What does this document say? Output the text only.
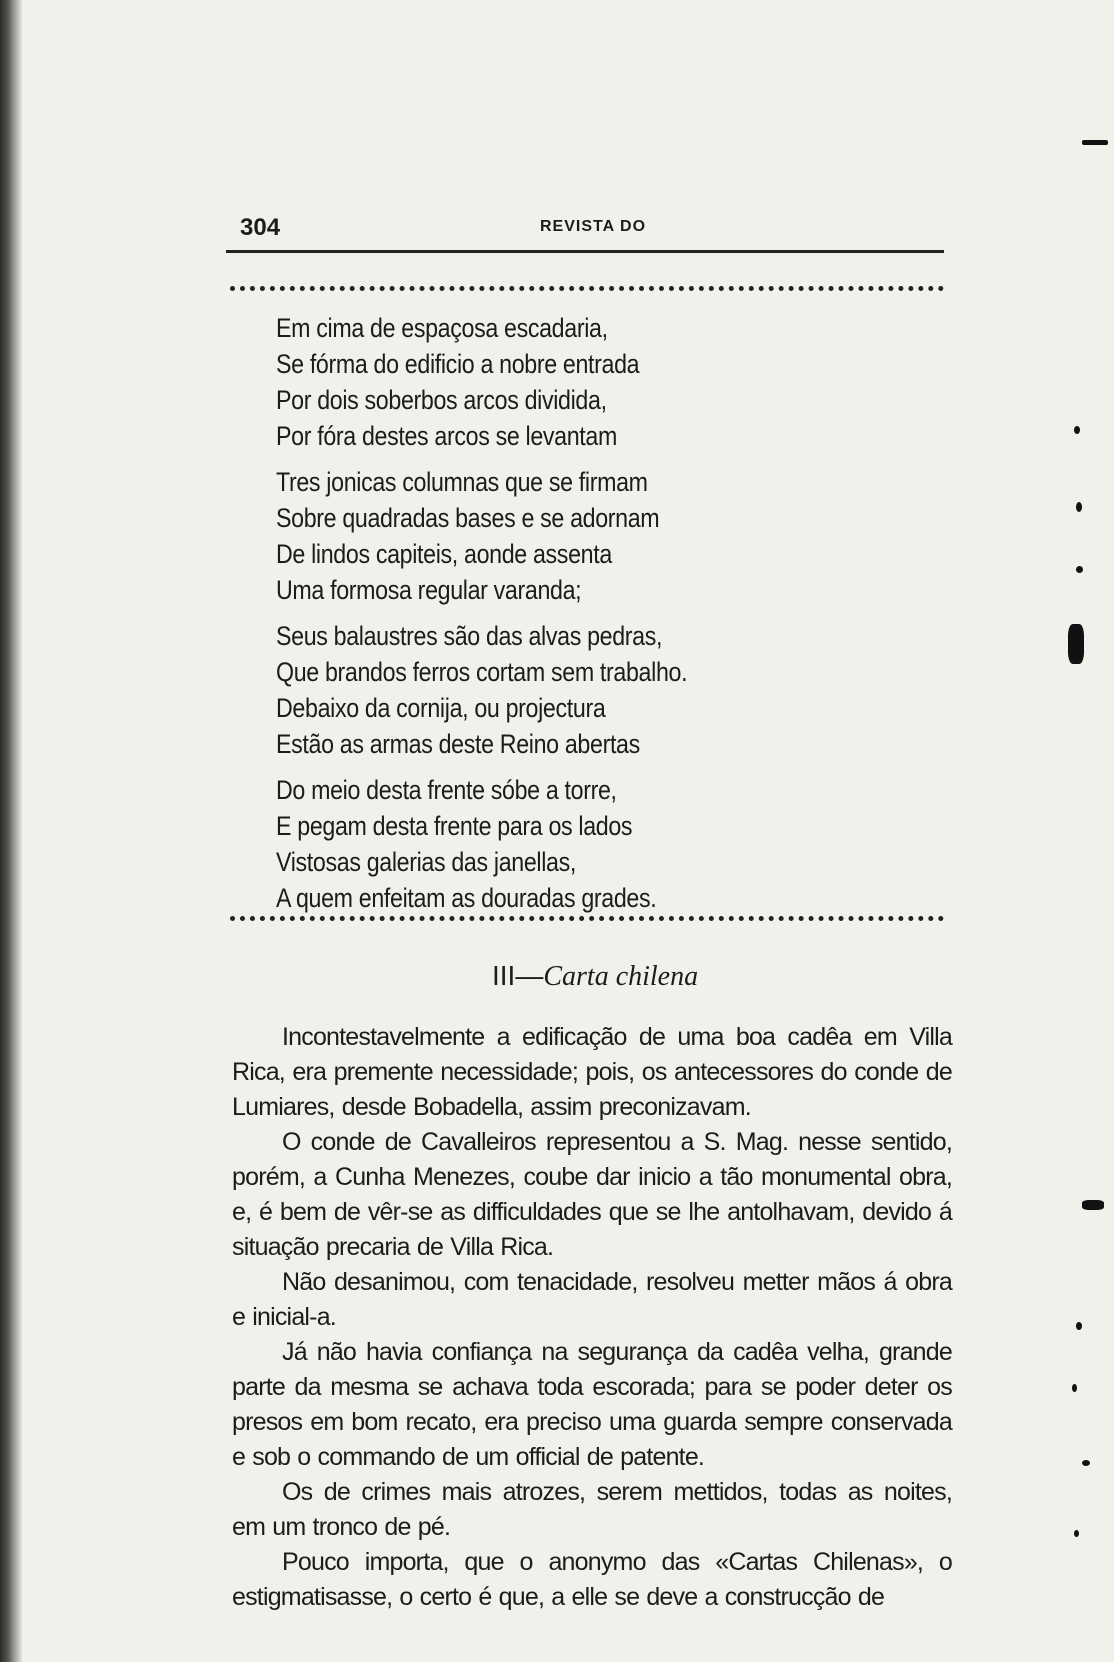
304	REVISTA DO
Em cima de espaçosa escadaria,
Se fórma do edificio a nobre entrada
Por dois soberbos arcos dividida,
Por fóra destes arcos se levantam
Tres jonicas columnas que se firmam
Sobre quadradas bases e se adornam
De lindos capiteis, aonde assenta
Uma formosa regular varanda;
Seus balaustres são das alvas pedras,
Que brandos ferros cortam sem trabalho.
Debaixo da cornija, ou projectura
Estão as armas deste Reino abertas
Do meio desta frente sóbe a torre,
E pegam desta frente para os lados
Vistosas galerias das janellas,
A quem enfeitam as douradas grades.
III—Carta chilena

Incontestavelmente a edificação de uma boa cadêa em Villa Rica, era premente necessidade; pois, os antecessores do conde de Lumiares, desde Bobadella, assim preconizavam.

O conde de Cavalleiros representou a S. Mag. nesse sentido, porém, a Cunha Menezes, coube dar inicio a tão monumental obra, e, é bem de vêr-se as difficuldades que se lhe antolhavam, devido á situação precaria de Villa Rica.

Não desanimou, com tenacidade, resolveu metter mãos á obra e inicial-a.

Já não havia confiança na segurança da cadêa velha, grande parte da mesma se achava toda escorada; para se poder deter os presos em bom recato, era preciso uma guarda sempre conservada e sob o commando de um official de patente.

Os de crimes mais atrozes, serem mettidos, todas as noites, em um tronco de pé.

Pouco importa, que o anonymo das «Cartas Chilenas», o estigmatisasse, o certo é que, a elle se deve a construcção de
